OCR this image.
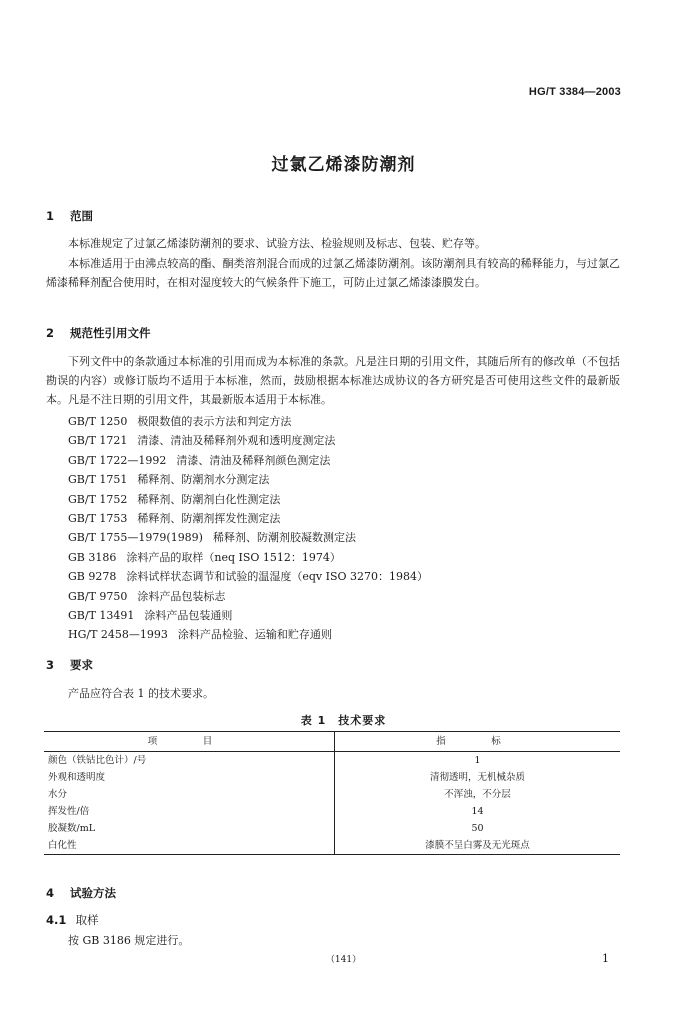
HG/T 3384—2003
过氯乙烯漆防潮剂
1 范围
本标准规定了过氯乙烯漆防潮剂的要求、试验方法、检验规则及标志、包装、贮存等。
本标准适用于由沸点较高的酯、酮类溶剂混合而成的过氯乙烯漆防潮剂。该防潮剂具有较高的稀释能力，与过氯乙烯漆稀释剂配合使用时，在相对湿度较大的气候条件下施工，可防止过氯乙烯漆漆膜发白。
2 规范性引用文件
下列文件中的条款通过本标准的引用而成为本标准的条款。凡是注日期的引用文件，其随后所有的修改单（不包括勘误的内容）或修订版均不适用于本标准，然而，鼓励根据本标准达成协议的各方研究是否可使用这些文件的最新版本。凡是不注日期的引用文件，其最新版本适用于本标准。
GB/T 1250 极限数值的表示方法和判定方法
GB/T 1721 清漆、清油及稀释剂外观和透明度测定法
GB/T 1722—1992 清漆、清油及稀释剂颜色测定法
GB/T 1751 稀释剂、防潮剂水分测定法
GB/T 1752 稀释剂、防潮剂白化性测定法
GB/T 1753 稀释剂、防潮剂挥发性测定法
GB/T 1755—1979(1989) 稀释剂、防潮剂胶凝数测定法
GB 3186 涂料产品的取样（neq ISO 1512：1974）
GB 9278 涂料试样状态调节和试验的温湿度（eqv ISO 3270：1984）
GB/T 9750 涂料产品包装标志
GB/T 13491 涂料产品包装通则
HG/T 2458—1993 涂料产品检验、运输和贮存通则
3 要求
产品应符合表 1 的技术要求。
表 1　技术要求
项　目	指　标
颜色（铁钴比色计）/号	1
外观和透明度	清彻透明，无机械杂质
水分	不浑浊，不分层
挥发性/倍	14
胶凝数/mL	50
白化性	漆膜不呈白雾及无光斑点
4 试验方法
4.1 取样
按 GB 3186 规定进行。
（141）	1
